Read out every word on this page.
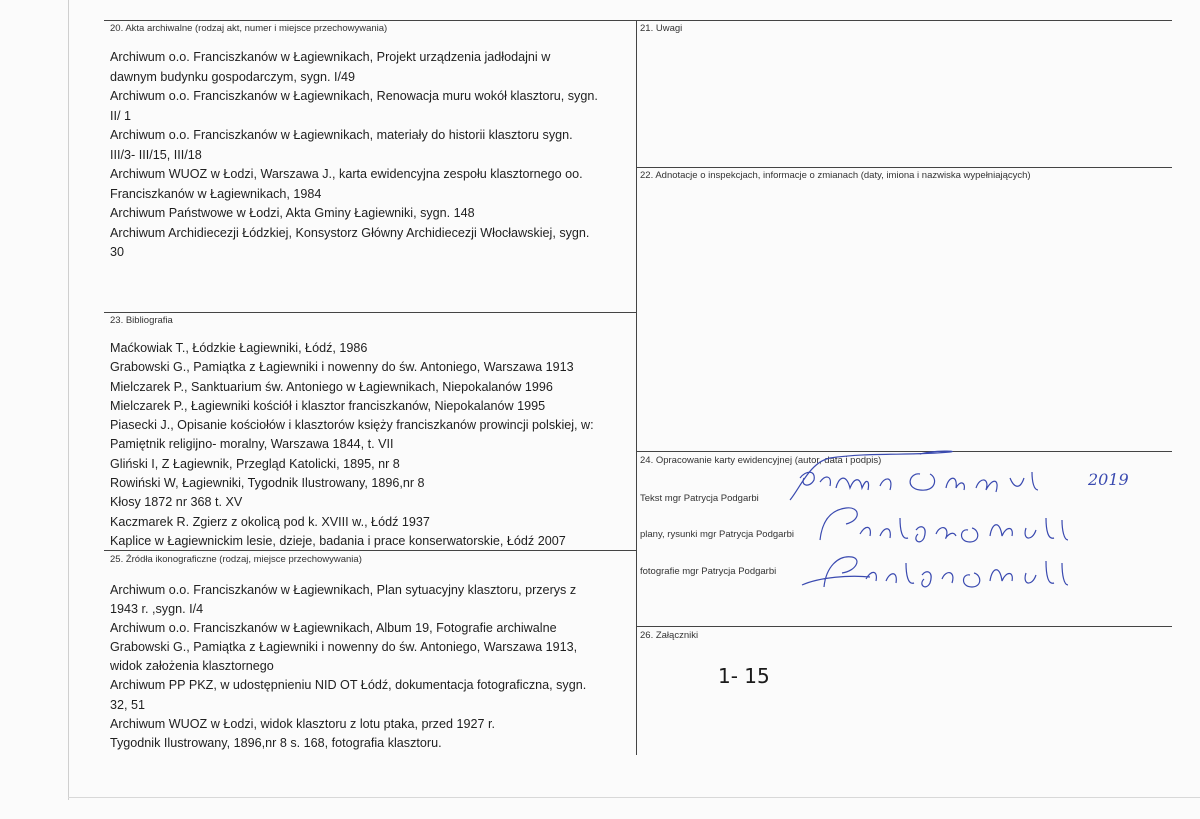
20. Akta archiwalne (rodzaj akt, numer i miejsce przechowywania)
Archiwum o.o. Franciszkanów w Łagiewnikach, Projekt urządzenia jadłodajni w
dawnym budynku gospodarczym, sygn. I/49
Archiwum o.o. Franciszkanów w Łagiewnikach, Renowacja muru wokół klasztoru, sygn.
II/ 1
Archiwum o.o. Franciszkanów w Łagiewnikach, materiały do historii klasztoru sygn.
III/3- III/15, III/18
Archiwum WUOZ w Łodzi, Warszawa J., karta ewidencyjna zespołu klasztornego oo.
Franciszkanów w Łagiewnikach, 1984
Archiwum Państwowe w Łodzi, Akta Gminy Łagiewniki, sygn. 148
Archiwum Archidiecezji Łódzkiej, Konsystorz Główny Archidiecezji Włocławskiej, sygn.
30
21. Uwagi
22. Adnotacje o inspekcjach, informacje o zmianach (daty, imiona i nazwiska wypełniających)
23. Bibliografia
Maćkowiak T., Łódzkie Łagiewniki, Łódź, 1986
Grabowski G., Pamiątka z Łagiewniki i nowenny do św. Antoniego, Warszawa 1913
Mielczarek P., Sanktuarium św. Antoniego w Łagiewnikach, Niepokalanów 1996
Mielczarek P., Łagiewniki kościół i klasztor franciszkanów, Niepokalanów 1995
Piasecki J., Opisanie kościołów i klasztorów księży franciszkanów prowincji polskiej, w:
Pamiętnik religijno- moralny, Warszawa 1844, t. VII
Gliński I, Z Łagiewnik, Przegląd Katolicki, 1895, nr 8
Rowiński W, Łagiewniki, Tygodnik Ilustrowany, 1896,nr 8
Kłosy 1872 nr 368 t. XV
Kaczmarek R. Zgierz z okolicą pod k. XVIII w., Łódź 1937
Kaplice w Łagiewnickim lesie, dzieje, badania i prace konserwatorskie, Łódź 2007
24. Opracowanie karty ewidencyjnej (autor, data i podpis)
Tekst mgr Patrycja Podgarbi
plany, rysunki mgr Patrycja Podgarbi
fotografie mgr Patrycja Podgarbi
2019
25. Źródła ikonograficzne (rodzaj, miejsce przechowywania)
Archiwum o.o. Franciszkanów w Łagiewnikach, Plan sytuacyjny klasztoru, przerys z
1943 r. ,sygn. I/4
Archiwum o.o. Franciszkanów w Łagiewnikach, Album 19, Fotografie archiwalne
Grabowski G., Pamiątka z Łagiewniki i nowenny do św. Antoniego, Warszawa 1913,
widok założenia klasztornego
Archiwum PP PKZ, w udostępnieniu NID OT Łódź, dokumentacja fotograficzna, sygn.
32, 51
Archiwum WUOZ w Łodzi, widok klasztoru z lotu ptaka, przed 1927 r.
Tygodnik Ilustrowany, 1896,nr 8 s. 168, fotografia klasztoru.
26. Załączniki
1- 15
